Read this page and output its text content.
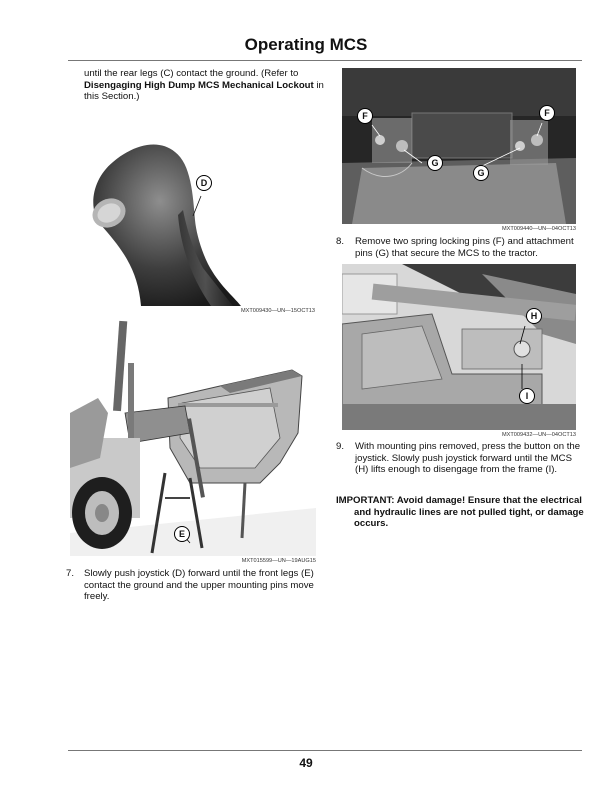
Operating MCS
until the rear legs (C) contact the ground. (Refer to Disengaging High Dump MCS Mechanical Lockout in this Section.)
D
MXT009430—UN—15OCT13
E
MXT015599—UN—19AUG15
7.	Slowly push joystick (D) forward until the front legs (E) contact the ground and the upper mounting pins move freely.
F	F
G
G
MXT009440—UN—04OCT13
8.	Remove two spring locking pins (F) and attachment pins (G) that secure the MCS to the tractor.
H
I
MXT009432—UN—04OCT13
9.	With mounting pins removed, press the button on the joystick. Slowly push joystick forward until the MCS (H) lifts enough to disengage from the frame (I).
IMPORTANT: Avoid damage! Ensure that the electrical and hydraulic lines are not pulled tight, or damage occurs.
49
